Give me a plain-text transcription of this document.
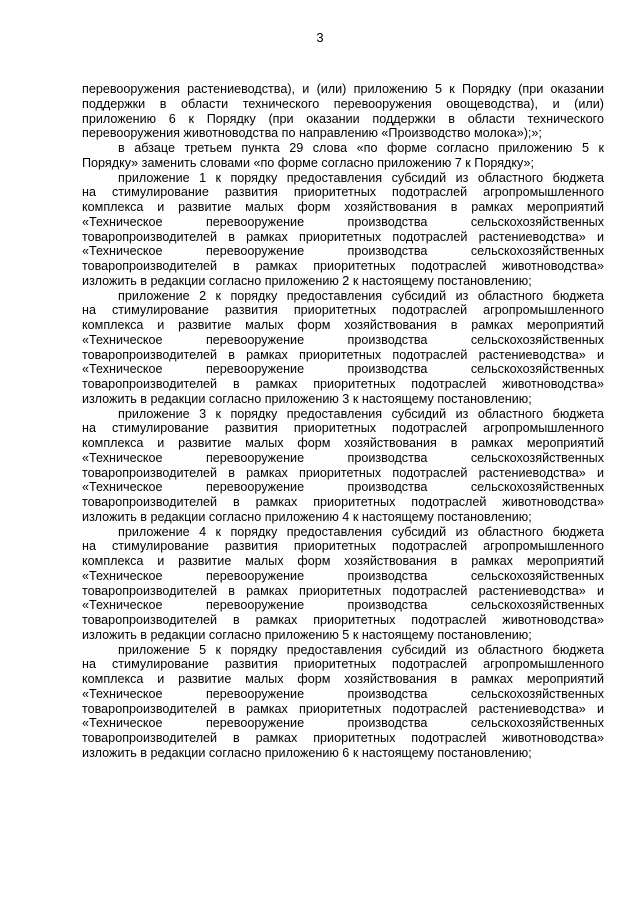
3
перевооружения растениеводства), и (или) приложению 5 к Порядку (при оказании
поддержки в области технического перевооружения овощеводства), и (или)
приложению 6 к Порядку (при оказании поддержки в области технического
перевооружения животноводства по направлению «Производство молока»);»;
в абзаце третьем пункта 29 слова «по форме согласно приложению 5 к
Порядку» заменить словами «по форме согласно приложению 7 к Порядку»;
приложение 1 к порядку предоставления субсидий из областного бюджета
на стимулирование развития приоритетных подотраслей агропромышленного
комплекса и развитие малых форм хозяйствования в рамках мероприятий
«Техническое перевооружение производства сельскохозяйственных
товаропроизводителей в рамках приоритетных подотраслей растениеводства» и
«Техническое перевооружение производства сельскохозяйственных
товаропроизводителей в рамках приоритетных подотраслей животноводства»
изложить в редакции согласно приложению 2 к настоящему постановлению;
приложение 2 к порядку предоставления субсидий из областного бюджета
на стимулирование развития приоритетных подотраслей агропромышленного
комплекса и развитие малых форм хозяйствования в рамках мероприятий
«Техническое перевооружение производства сельскохозяйственных
товаропроизводителей в рамках приоритетных подотраслей растениеводства» и
«Техническое перевооружение производства сельскохозяйственных
товаропроизводителей в рамках приоритетных подотраслей животноводства»
изложить в редакции согласно приложению 3 к настоящему постановлению;
приложение 3 к порядку предоставления субсидий из областного бюджета
на стимулирование развития приоритетных подотраслей агропромышленного
комплекса и развитие малых форм хозяйствования в рамках мероприятий
«Техническое перевооружение производства сельскохозяйственных
товаропроизводителей в рамках приоритетных подотраслей растениеводства» и
«Техническое перевооружение производства сельскохозяйственных
товаропроизводителей в рамках приоритетных подотраслей животноводства»
изложить в редакции согласно приложению 4 к настоящему постановлению;
приложение 4 к порядку предоставления субсидий из областного бюджета
на стимулирование развития приоритетных подотраслей агропромышленного
комплекса и развитие малых форм хозяйствования в рамках мероприятий
«Техническое перевооружение производства сельскохозяйственных
товаропроизводителей в рамках приоритетных подотраслей растениеводства» и
«Техническое перевооружение производства сельскохозяйственных
товаропроизводителей в рамках приоритетных подотраслей животноводства»
изложить в редакции согласно приложению 5 к настоящему постановлению;
приложение 5 к порядку предоставления субсидий из областного бюджета
на стимулирование развития приоритетных подотраслей агропромышленного
комплекса и развитие малых форм хозяйствования в рамках мероприятий
«Техническое перевооружение производства сельскохозяйственных
товаропроизводителей в рамках приоритетных подотраслей растениеводства» и
«Техническое перевооружение производства сельскохозяйственных
товаропроизводителей в рамках приоритетных подотраслей животноводства»
изложить в редакции согласно приложению 6 к настоящему постановлению;
